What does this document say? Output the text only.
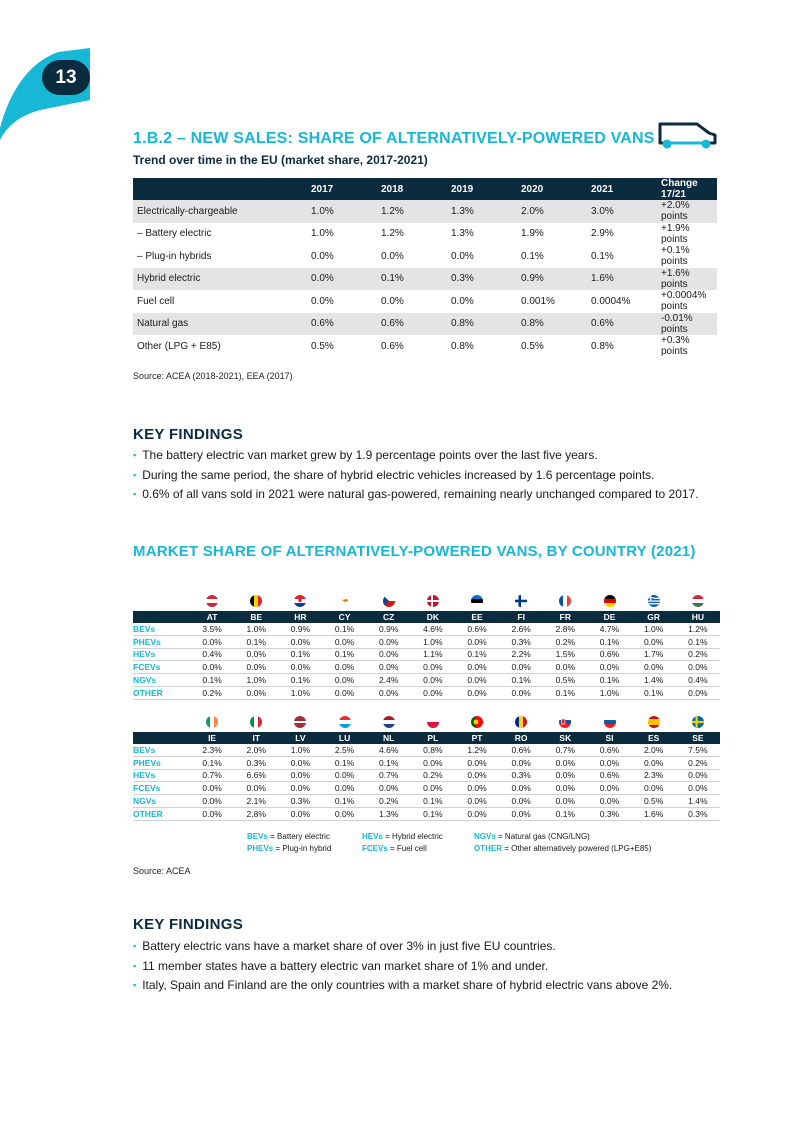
13
1.B.2 – NEW SALES: SHARE OF ALTERNATIVELY-POWERED VANS
Trend over time in the EU (market share, 2017-2021)
	2017	2018	2019	2020	2021	Change 17/21
Electrically-chargeable	1.0%	1.2%	1.3%	2.0%	3.0%	+2.0% points
– Battery electric	1.0%	1.2%	1.3%	1.9%	2.9%	+1.9% points
– Plug-in hybrids	0.0%	0.0%	0.0%	0.1%	0.1%	+0.1% points
Hybrid electric	0.0%	0.1%	0.3%	0.9%	1.6%	+1.6% points
Fuel cell	0.0%	0.0%	0.0%	0.001%	0.0004%	+0.0004% points
Natural gas	0.6%	0.6%	0.8%	0.8%	0.6%	-0.01% points
Other (LPG + E85)	0.5%	0.6%	0.8%	0.5%	0.8%	+0.3% points
Source: ACEA (2018-2021), EEA (2017)
KEY FINDINGS
▪ The battery electric van market grew by 1.9 percentage points over the last five years.
▪ During the same period, the share of hybrid electric vehicles increased by 1.6 percentage points.
▪ 0.6% of all vans sold in 2021 were natural gas-powered, remaining nearly unchanged compared to 2017.
MARKET SHARE OF ALTERNATIVELY-POWERED VANS, BY COUNTRY (2021)
	AT	BE	HR	CY	CZ	DK	EE	FI	FR	DE	GR	HU
BEVs	3.5%	1.0%	0.9%	0.1%	0.9%	4.6%	0.6%	2.6%	2.8%	4.7%	1.0%	1.2%
PHEVs	0.0%	0.1%	0.0%	0.0%	0.0%	1.0%	0.0%	0.3%	0.2%	0.1%	0.0%	0.1%
HEVs	0.4%	0.0%	0.1%	0.1%	0.0%	1.1%	0.1%	2.2%	1.5%	0.6%	1.7%	0.2%
FCEVs	0.0%	0.0%	0.0%	0.0%	0.0%	0.0%	0.0%	0.0%	0.0%	0.0%	0.0%	0.0%
NGVs	0.1%	1.0%	0.1%	0.0%	2.4%	0.0%	0.0%	0.1%	0.5%	0.1%	1.4%	0.4%
OTHER	0.2%	0.0%	1.0%	0.0%	0.0%	0.0%	0.0%	0.0%	0.1%	1.0%	0.1%	0.0%
	IE	IT	LV	LU	NL	PL	PT	RO	SK	SI	ES	SE
BEVs	2.3%	2.0%	1.0%	2.5%	4.6%	0.8%	1.2%	0.6%	0.7%	0.6%	2.0%	7.5%
PHEVs	0.1%	0.3%	0.0%	0.1%	0.1%	0.0%	0.0%	0.0%	0.0%	0.0%	0.0%	0.2%
HEVs	0.7%	6.6%	0.0%	0.0%	0.7%	0.2%	0.0%	0.3%	0.0%	0.6%	2.3%	0.0%
FCEVs	0.0%	0.0%	0.0%	0.0%	0.0%	0.0%	0.0%	0.0%	0.0%	0.0%	0.0%	0.0%
NGVs	0.0%	2.1%	0.3%	0.1%	0.2%	0.1%	0.0%	0.0%	0.0%	0.0%	0.5%	1.4%
OTHER	0.0%	2.8%	0.0%	0.0%	1.3%	0.1%	0.0%	0.0%	0.1%	0.3%	1.6%	0.3%
BEVs = Battery electric
PHEVs = Plug-in hybrid
HEVs = Hybrid electric
FCEVs = Fuel cell
NGVs = Natural gas (CNG/LNG)
OTHER = Other alternatively powered (LPG+E85)
Source: ACEA
KEY FINDINGS
▪ Battery electric vans have a market share of over 3% in just five EU countries.
▪ 11 member states have a battery electric van market share of 1% and under.
▪ Italy, Spain and Finland are the only countries with a market share of hybrid electric vans above 2%.
